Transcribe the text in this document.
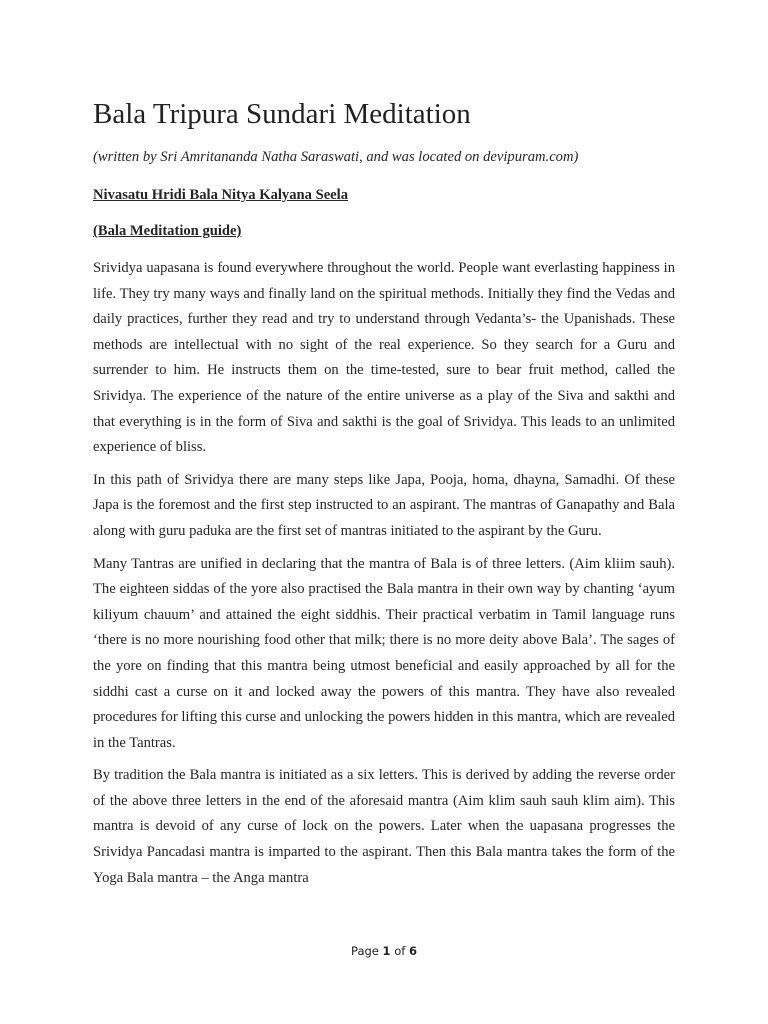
Bala Tripura Sundari Meditation

(written by Sri Amritananda Natha Saraswati, and was located on devipuram.com)

Nivasatu Hridi Bala Nitya Kalyana Seela

(Bala Meditation guide)

Srividya uapasana is found everywhere throughout the world. People want everlasting happiness in life. They try many ways and finally land on the spiritual methods. Initially they find the Vedas and daily practices, further they read and try to understand through Vedanta’s- the Upanishads. These methods are intellectual with no sight of the real experience. So they search for a Guru and surrender to him. He instructs them on the time-tested, sure to bear fruit method, called the Srividya. The experience of the nature of the entire universe as a play of the Siva and sakthi and that everything is in the form of Siva and sakthi is the goal of Srividya. This leads to an unlimited experience of bliss.

In this path of Srividya there are many steps like Japa, Pooja, homa, dhayna, Samadhi. Of these Japa is the foremost and the first step instructed to an aspirant. The mantras of Ganapathy and Bala along with guru paduka are the first set of mantras initiated to the aspirant by the Guru.

Many Tantras are unified in declaring that the mantra of Bala is of three letters. (Aim kliim sauh). The eighteen siddas of the yore also practised the Bala mantra in their own way by chanting ‘ayum kiliyum chauum’ and attained the eight siddhis. Their practical verbatim in Tamil language runs ‘there is no more nourishing food other that milk; there is no more deity above Bala’. The sages of the yore on finding that this mantra being utmost beneficial and easily approached by all for the siddhi cast a curse on it and locked away the powers of this mantra. They have also revealed procedures for lifting this curse and unlocking the powers hidden in this mantra, which are revealed in the Tantras.

By tradition the Bala mantra is initiated as a six letters. This is derived by adding the reverse order of the above three letters in the end of the aforesaid mantra (Aim klim sauh sauh klim aim). This mantra is devoid of any curse of lock on the powers. Later when the uapasana progresses the Srividya Pancadasi mantra is imparted to the aspirant. Then this Bala mantra takes the form of the Yoga Bala mantra – the Anga mantra

Page 1 of 6
